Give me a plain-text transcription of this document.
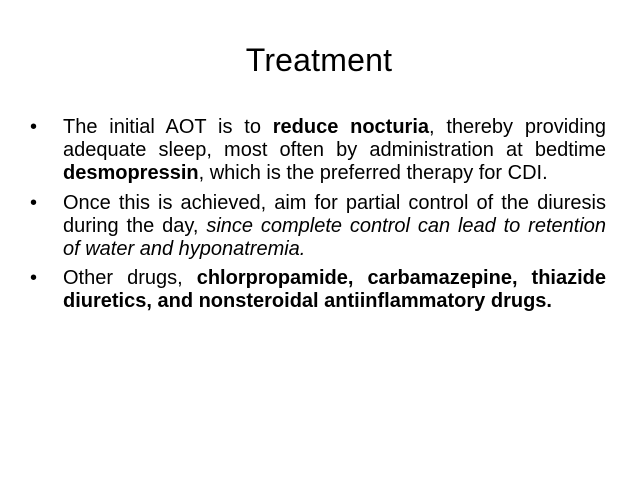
Treatment
•	The initial AOT is to reduce nocturia, thereby providing adequate sleep, most often by administration at bedtime desmopressin, which is the preferred therapy for CDI.
•	Once this is achieved, aim for partial control of the diuresis during the day, since complete control can lead to retention of water and hyponatremia.
•	Other drugs, chlorpropamide, carbamazepine, thiazide diuretics, and nonsteroidal antiinflammatory drugs.
